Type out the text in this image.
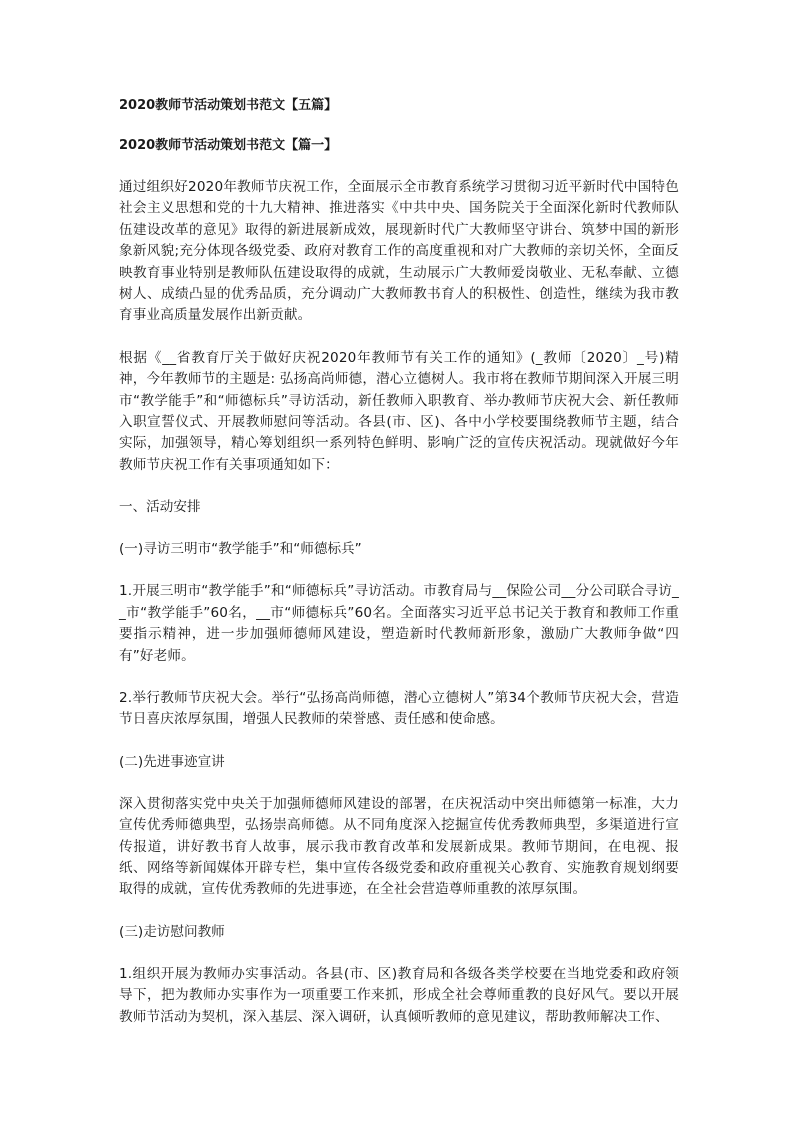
2020教师节活动策划书范文【五篇】

2020教师节活动策划书范文【篇一】

通过组织好2020年教师节庆祝工作，全面展示全市教育系统学习贯彻习近平新时代中国特色社会主义思想和党的十九大精神、推进落实《中共中央、国务院关于全面深化新时代教师队伍建设改革的意见》取得的新进展新成效，展现新时代广大教师坚守讲台、筑梦中国的新形象新风貌;充分体现各级党委、政府对教育工作的高度重视和对广大教师的亲切关怀，全面反映教育事业特别是教师队伍建设取得的成就，生动展示广大教师爱岗敬业、无私奉献、立德树人、成绩凸显的优秀品质，充分调动广大教师教书育人的积极性、创造性，继续为我市教育事业高质量发展作出新贡献。

根据《__省教育厅关于做好庆祝2020年教师节有关工作的通知》(_教师〔2020〕_号)精神，今年教师节的主题是: 弘扬高尚师德，潜心立德树人。我市将在教师节期间深入开展三明市“教学能手”和“师德标兵”寻访活动，新任教师入职教育、举办教师节庆祝大会、新任教师入职宣誓仪式、开展教师慰问等活动。各县(市、区)、各中小学校要围绕教师节主题，结合实际，加强领导，精心筹划组织一系列特色鲜明、影响广泛的宣传庆祝活动。现就做好今年教师节庆祝工作有关事项通知如下：

一、活动安排

(一)寻访三明市“教学能手”和“师德标兵”

1.开展三明市“教学能手”和“师德标兵”寻访活动。市教育局与__保险公司__分公司联合寻访__市“教学能手”60名，__市“师德标兵”60名。全面落实习近平总书记关于教育和教师工作重要指示精神，进一步加强师德师风建设，塑造新时代教师新形象，激励广大教师争做“四有”好老师。

2.举行教师节庆祝大会。举行“弘扬高尚师德，潜心立德树人”第34个教师节庆祝大会，营造节日喜庆浓厚氛围，增强人民教师的荣誉感、责任感和使命感。

(二)先进事迹宣讲

深入贯彻落实党中央关于加强师德师风建设的部署，在庆祝活动中突出师德第一标准，大力宣传优秀师德典型，弘扬崇高师德。从不同角度深入挖掘宣传优秀教师典型，多渠道进行宣传报道，讲好教书育人故事，展示我市教育改革和发展新成果。教师节期间，在电视、报纸、网络等新闻媒体开辟专栏，集中宣传各级党委和政府重视关心教育、实施教育规划纲要取得的成就，宣传优秀教师的先进事迹，在全社会营造尊师重教的浓厚氛围。

(三)走访慰问教师

1.组织开展为教师办实事活动。各县(市、区)教育局和各级各类学校要在当地党委和政府领导下，把为教师办实事作为一项重要工作来抓，形成全社会尊师重教的良好风气。要以开展教师节活动为契机，深入基层、深入调研，认真倾听教师的意见建议，帮助教师解决工作、
